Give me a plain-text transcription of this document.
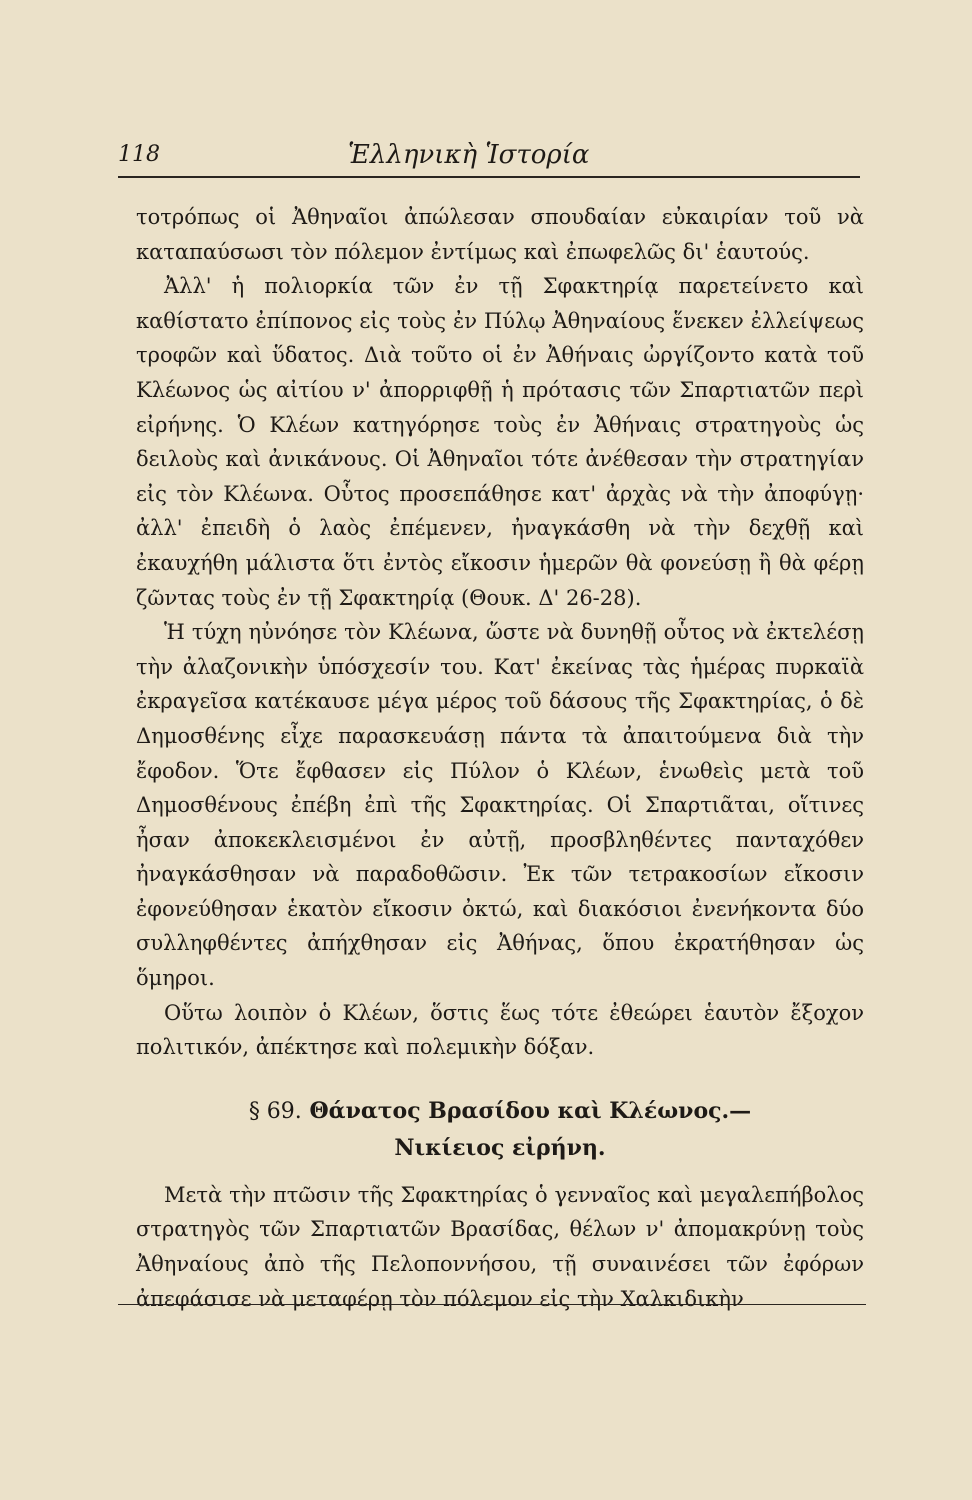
118	Ἑλληνικὴ Ἱστορία

τοτρόπως οἱ Ἀθηναῖοι ἀπώλεσαν σπουδαίαν εὐκαιρίαν τοῦ νὰ καταπαύσωσι τὸν πόλεμον ἐντίμως καὶ ἐπωφελῶς δι' ἑαυτούς.

Ἀλλ' ἡ πολιορκία τῶν ἐν τῇ Σφακτηρίᾳ παρετείνετο καὶ καθίστατο ἐπίπονος εἰς τοὺς ἐν Πύλῳ Ἀθηναίους ἕνεκεν ἐλλείψεως τροφῶν καὶ ὕδατος. Διὰ τοῦτο οἱ ἐν Ἀθήναις ὠργίζοντο κατὰ τοῦ Κλέωνος ὡς αἰτίου ν' ἀπορριφθῇ ἡ πρότασις τῶν Σπαρτιατῶν περὶ εἰρήνης. Ὁ Κλέων κατηγόρησε τοὺς ἐν Ἀθήναις στρατηγοὺς ὡς δειλοὺς καὶ ἀνικάνους. Οἱ Ἀθηναῖοι τότε ἀνέθεσαν τὴν στρατηγίαν εἰς τὸν Κλέωνα. Οὗτος προσεπάθησε κατ' ἀρχὰς νὰ τὴν ἀποφύγῃ· ἀλλ' ἐπειδὴ ὁ λαὸς ἐπέμενεν, ἠναγκάσθη νὰ τὴν δεχθῇ καὶ ἐκαυχήθη μάλιστα ὅτι ἐντὸς εἴκοσιν ἡμερῶν θὰ φονεύσῃ ἢ θὰ φέρῃ ζῶντας τοὺς ἐν τῇ Σφακτηρίᾳ (Θουκ. Δ' 26-28).

Ἡ τύχη ηὐνόησε τὸν Κλέωνα, ὥστε νὰ δυνηθῇ οὗτος νὰ ἐκτελέσῃ τὴν ἀλαζονικὴν ὑπόσχεσίν του. Κατ' ἐκείνας τὰς ἡμέρας πυρκαϊὰ ἐκραγεῖσα κατέκαυσε μέγα μέρος τοῦ δάσους τῆς Σφακτηρίας, ὁ δὲ Δημοσθένης εἶχε παρασκευάσῃ πάντα τὰ ἀπαιτούμενα διὰ τὴν ἔφοδον. Ὅτε ἔφθασεν εἰς Πύλον ὁ Κλέων, ἑνωθεὶς μετὰ τοῦ Δημοσθένους ἐπέβη ἐπὶ τῆς Σφακτηρίας. Οἱ Σπαρτιᾶται, οἵτινες ἦσαν ἀποκεκλεισμένοι ἐν αὐτῇ, προσβληθέντες πανταχόθεν ἠναγκάσθησαν νὰ παραδοθῶσιν. Ἐκ τῶν τετρακοσίων εἴκοσιν ἐφονεύθησαν ἑκατὸν εἴκοσιν ὀκτώ, καὶ διακόσιοι ἐνενήκοντα δύο συλληφθέντες ἀπήχθησαν εἰς Ἀθήνας, ὅπου ἐκρατήθησαν ὡς ὅμηροι.

Οὕτω λοιπὸν ὁ Κλέων, ὅστις ἕως τότε ἐθεώρει ἑαυτὸν ἔξοχον πολιτικόν, ἀπέκτησε καὶ πολεμικὴν δόξαν.

§ 69. Θάνατος Βρασίδου καὶ Κλέωνος.—
Νικίειος εἰρήνη.

Μετὰ τὴν πτῶσιν τῆς Σφακτηρίας ὁ γενναῖος καὶ μεγαλεπήβολος στρατηγὸς τῶν Σπαρτιατῶν Βρασίδας, θέλων ν' ἀπομακρύνῃ τοὺς Ἀθηναίους ἀπὸ τῆς Πελοποννήσου, τῇ συναινέσει τῶν ἐφόρων ἀπεφάσισε νὰ μεταφέρῃ τὸν πόλεμον εἰς τὴν Χαλκιδικὴν
